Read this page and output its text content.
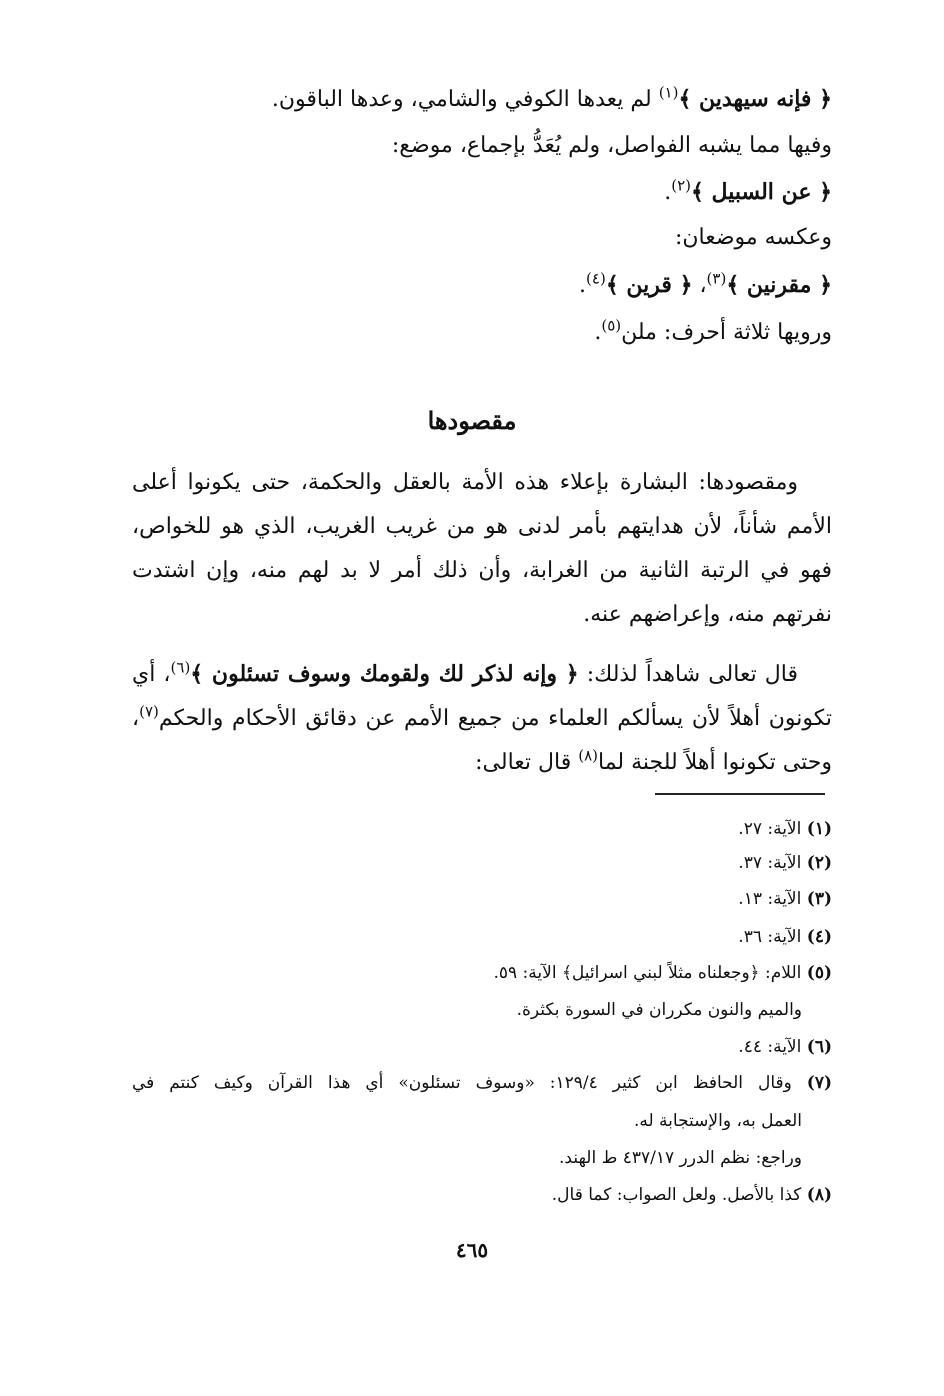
﴿ فإنه سيهدين ﴾$^{(١)}$ لم يعدها الكوفي والشامي، وعدها الباقون.
وفيها مما يشبه الفواصل، ولم يُعَدُّ بإجماع، موضع:
﴿ عن السبيل ﴾$^{(٢)}$.
وعكسه موضعان:
﴿ مقرنين ﴾$^{(٣)}$، ﴿ قرين ﴾$^{(٤)}$.
ورويها ثلاثة أحرف: ملن$^{(٥)}$.
مقصودها
ومقصودها: البشارة بإعلاء هذه الأمة بالعقل والحكمة، حتى يكونوا أعلى الأمم شأناً، لأن هدايتهم بأمر لدنى هو من غريب الغريب، الذي هو للخواص، فهو في الرتبة الثانية من الغرابة، وأن ذلك أمر لا بد لهم منه، وإن اشتدت نفرتهم منه، وإعراضهم عنه.
قال تعالى شاهداً لذلك: ﴿ وإنه لذكر لك ولقومك وسوف تسئلون ﴾$^{(٦)}$، أي تكونون أهلاً لأن يسألكم العلماء من جميع الأمم عن دقائق الأحكام والحكم$^{(٧)}$، وحتى تكونوا أهلاً للجنة لما$^{(٨)}$ قال تعالى:
(١) الآية: ٢٧.
(٢) الآية: ٣٧.
(٣) الآية: ١٣.
(٤) الآية: ٣٦.
(٥) اللام: ﴿وجعلناه مثلاً لبني اسرائيل﴾ الآية: ٥٩.
والميم والنون مكرران في السورة بكثرة.
(٦) الآية: ٤٤.
(٧) وقال الحافظ ابن كثير ١٢٩/٤: «وسوف تسئلون» أي هذا القرآن وكيف كنتم في
العمل به، والإستجابة له.
وراجع: نظم الدرر ٤٣٧/١٧ ط الهند.
(٨) كذا بالأصل. ولعل الصواب: كما قال.
٤٦٥
